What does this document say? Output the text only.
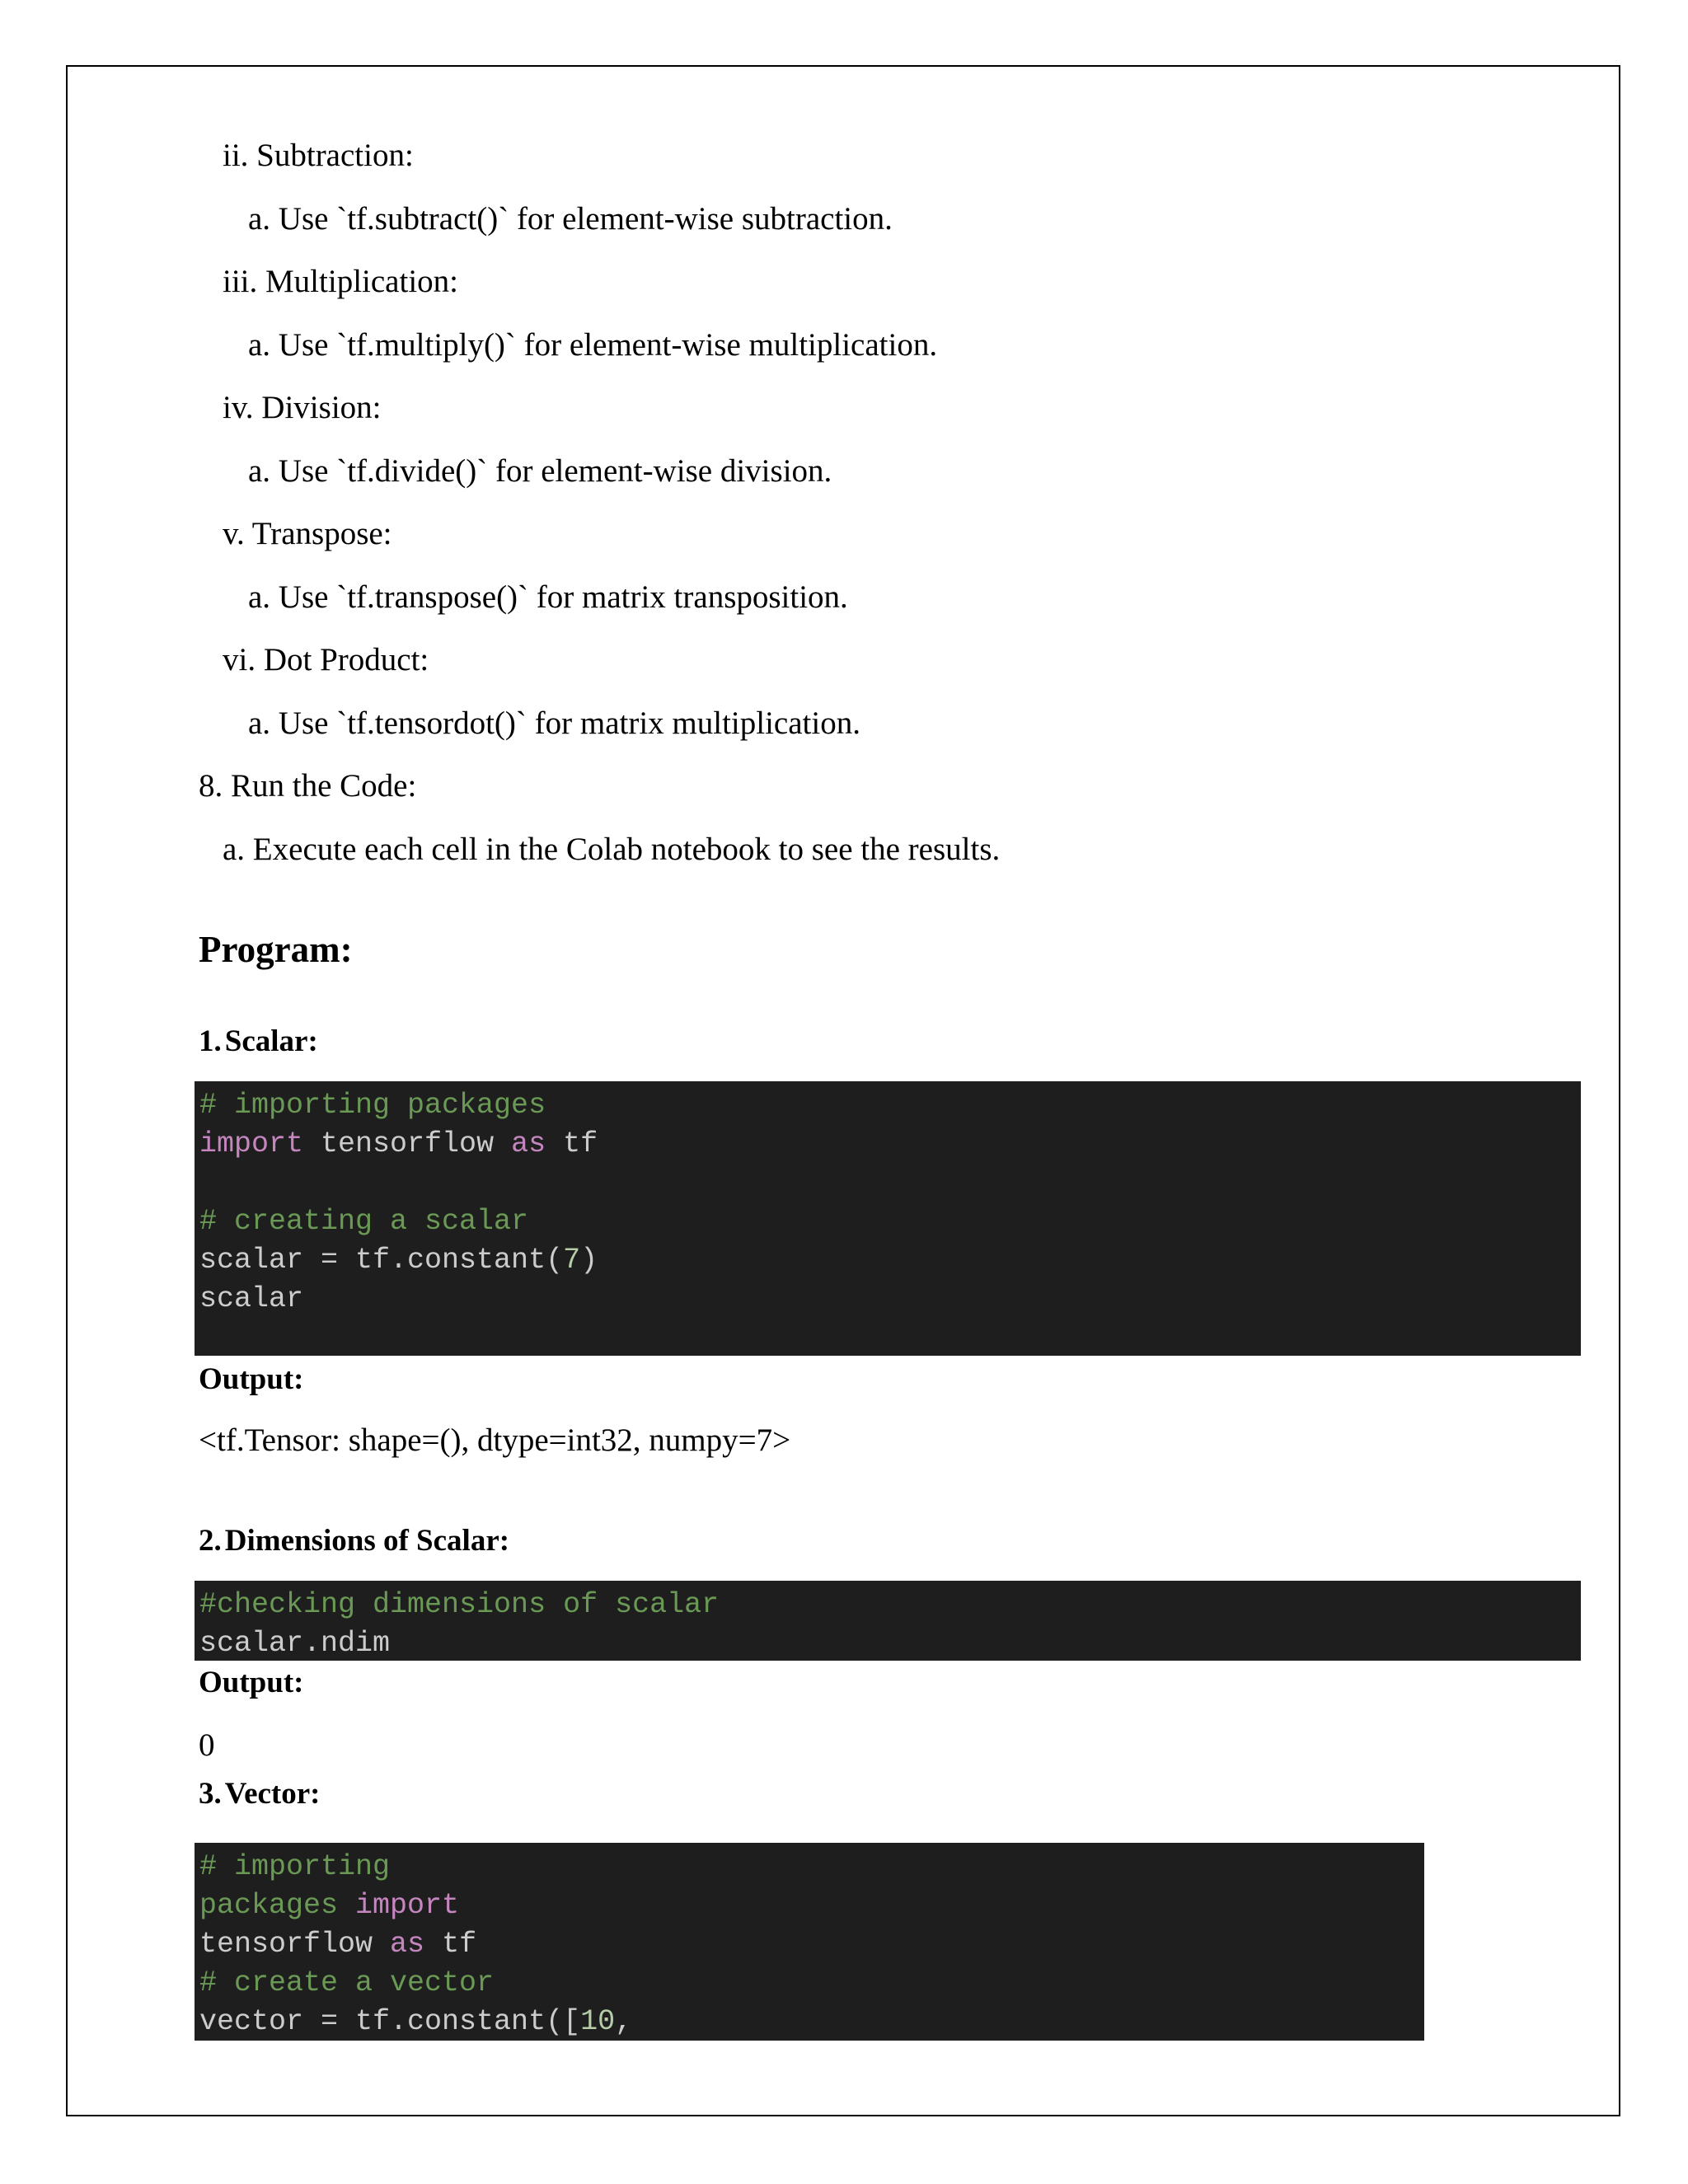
ii. Subtraction:
a. Use `tf.subtract()` for element-wise subtraction.
iii. Multiplication:
a. Use `tf.multiply()` for element-wise multiplication.
iv. Division:
a. Use `tf.divide()` for element-wise division.
v. Transpose:
a. Use `tf.transpose()` for matrix transposition.
vi. Dot Product:
a. Use `tf.tensordot()` for matrix multiplication.
8. Run the Code:
a. Execute each cell in the Colab notebook to see the results.
Program:
1. Scalar:
# importing packages
import tensorflow as tf
# creating a scalar
scalar = tf.constant(7)
scalar
Output:
<tf.Tensor: shape=(), dtype=int32, numpy=7>
2. Dimensions of Scalar:
#checking dimensions of scalar
scalar.ndim
Output:
0
3. Vector:
# importing
packages import
tensorflow as tf
# create a vector
vector = tf.constant([10,
